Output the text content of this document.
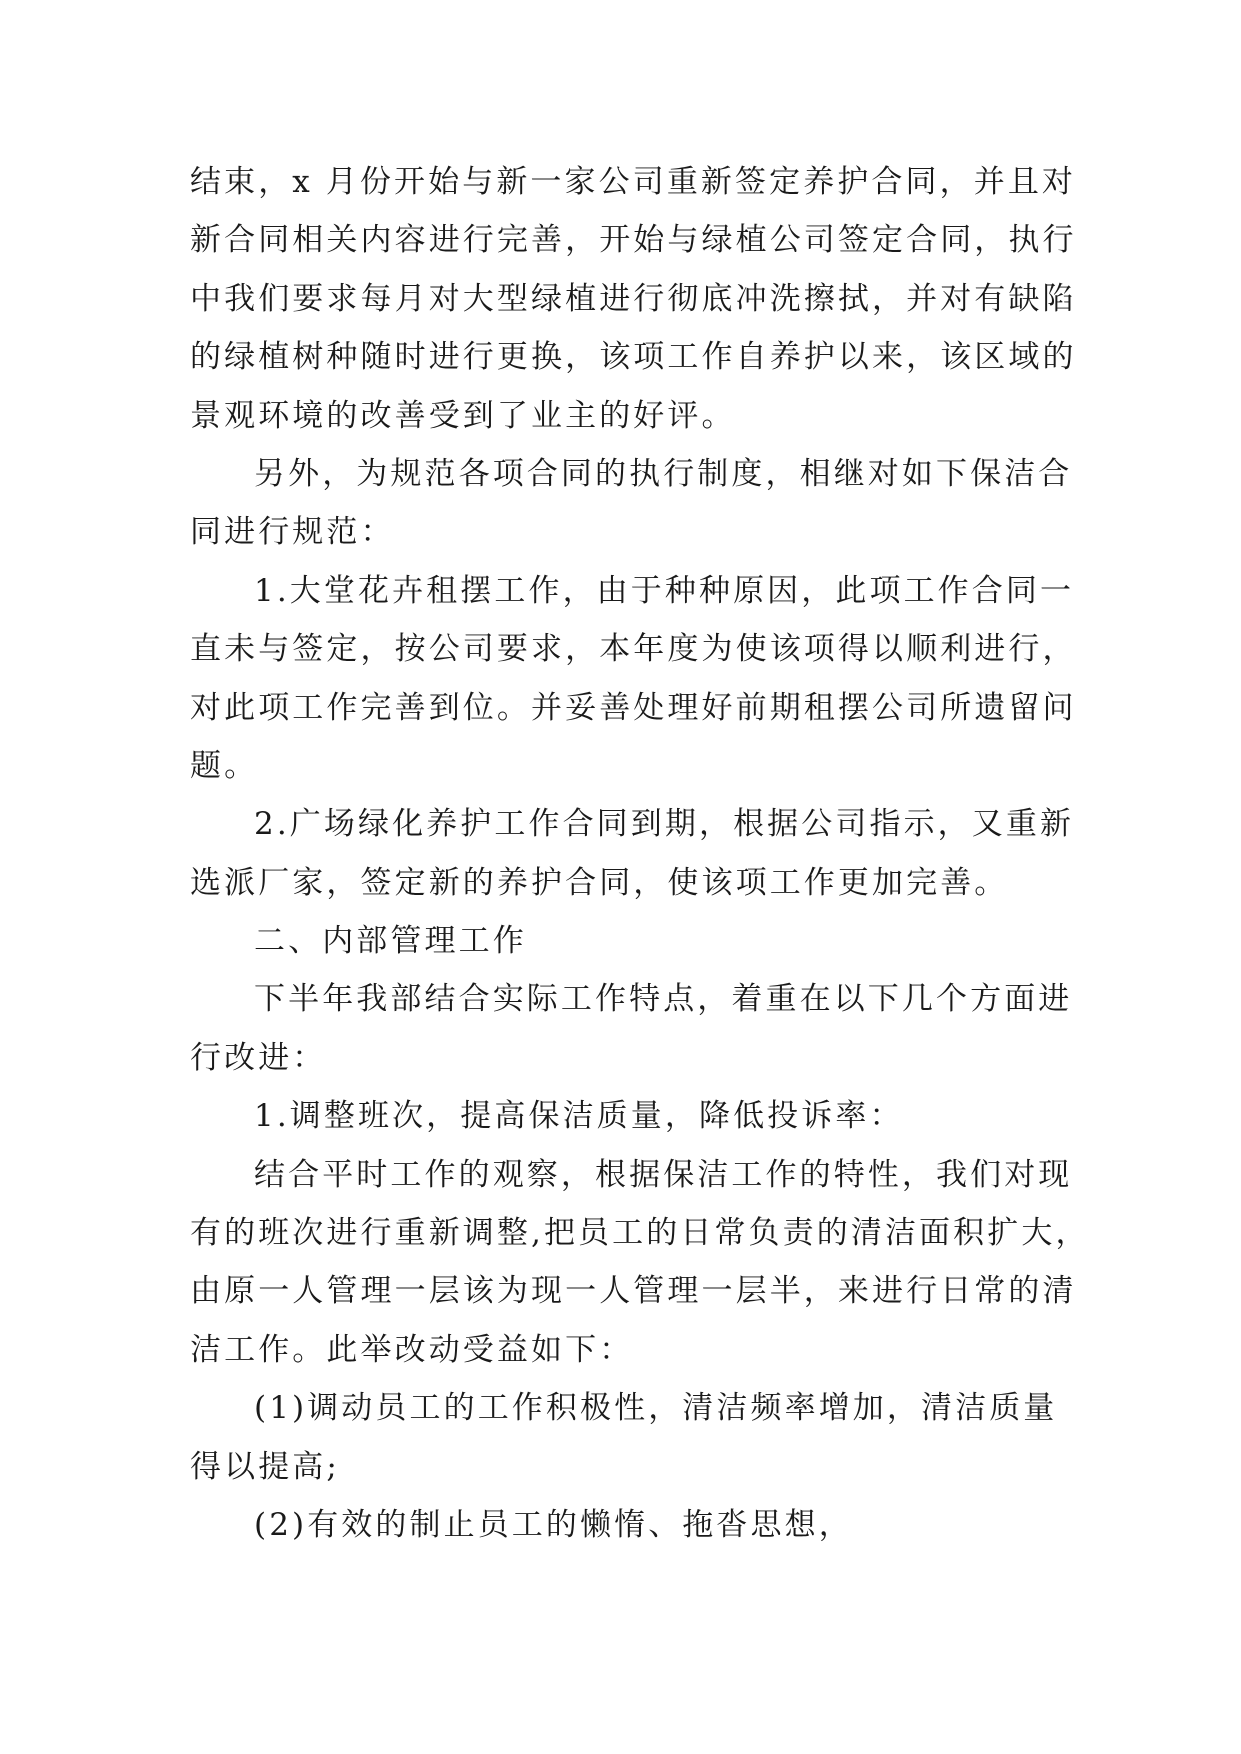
结束，x 月份开始与新一家公司重新签定养护合同，并且对
新合同相关内容进行完善，开始与绿植公司签定合同，执行
中我们要求每月对大型绿植进行彻底冲洗擦拭，并对有缺陷
的绿植树种随时进行更换，该项工作自养护以来，该区域的
景观环境的改善受到了业主的好评。
另外，为规范各项合同的执行制度，相继对如下保洁合
同进行规范：
1.大堂花卉租摆工作，由于种种原因，此项工作合同一
直未与签定，按公司要求，本年度为使该项得以顺利进行，
对此项工作完善到位。并妥善处理好前期租摆公司所遗留问
题。
2.广场绿化养护工作合同到期，根据公司指示，又重新
选派厂家，签定新的养护合同，使该项工作更加完善。
二、内部管理工作
下半年我部结合实际工作特点，着重在以下几个方面进
行改进：
1.调整班次，提高保洁质量，降低投诉率：
结合平时工作的观察，根据保洁工作的特性，我们对现
有的班次进行重新调整,把员工的日常负责的清洁面积扩大，
由原一人管理一层该为现一人管理一层半，来进行日常的清
洁工作。此举改动受益如下：
(1)调动员工的工作积极性，清洁频率增加，清洁质量
得以提高;
(2)有效的制止员工的懒惰、拖沓思想，
